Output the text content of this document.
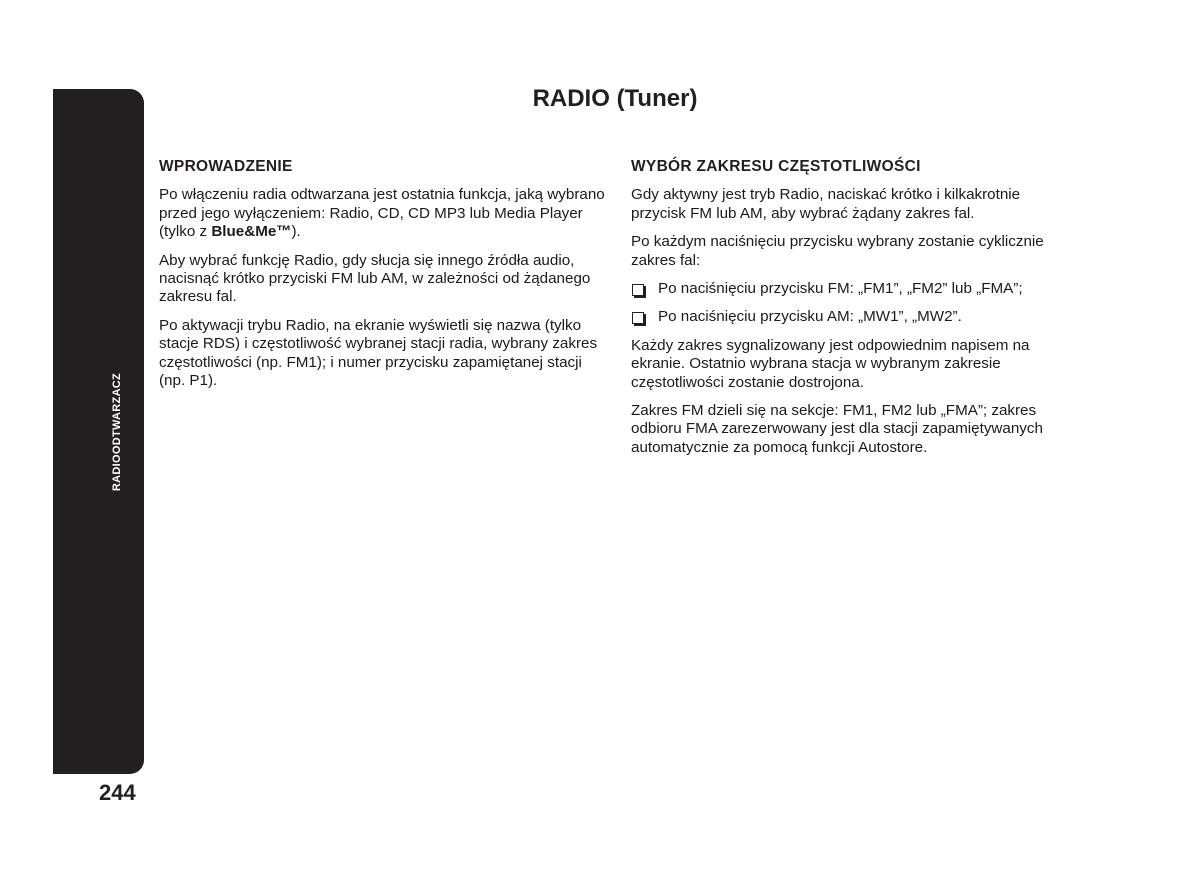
RADIOODTWARZACZ
244
RADIO (Tuner)
WPROWADZENIE

Po włączeniu radia odtwarzana jest ostatnia funkcja, jaką wybrano przed jego wyłączeniem: Radio, CD, CD MP3 lub Media Player (tylko z Blue&Me™).

Aby wybrać funkcję Radio, gdy słucja się innego źródła audio, nacisnąć krótko przyciski FM lub AM, w zależności od żądanego zakresu fal.

Po aktywacji trybu Radio, na ekranie wyświetli się nazwa (tylko stacje RDS) i częstotliwość wybranej stacji radia, wybrany zakres częstotliwości (np. FM1); i numer przycisku zapamiętanej stacji (np. P1).

WYBÓR ZAKRESU CZĘSTOTLIWOŚCI

Gdy aktywny jest tryb Radio, naciskać krótko i kilkakrotnie przycisk FM lub AM, aby wybrać żądany zakres fal.

Po każdym naciśnięciu przycisku wybrany zostanie cyklicznie zakres fal:

Po naciśnięciu przycisku FM: „FM1”, „FM2” lub „FMA”;
Po naciśnięciu przycisku AM: „MW1”, „MW2”.

Każdy zakres sygnalizowany jest odpowiednim napisem na ekranie. Ostatnio wybrana stacja w wybranym zakresie częstotliwości zostanie dostrojona.

Zakres FM dzieli się na sekcje: FM1, FM2 lub „FMA”; zakres odbioru FMA zarezerwowany jest dla stacji zapamiętywanych automatycznie za pomocą funkcji Autostore.
